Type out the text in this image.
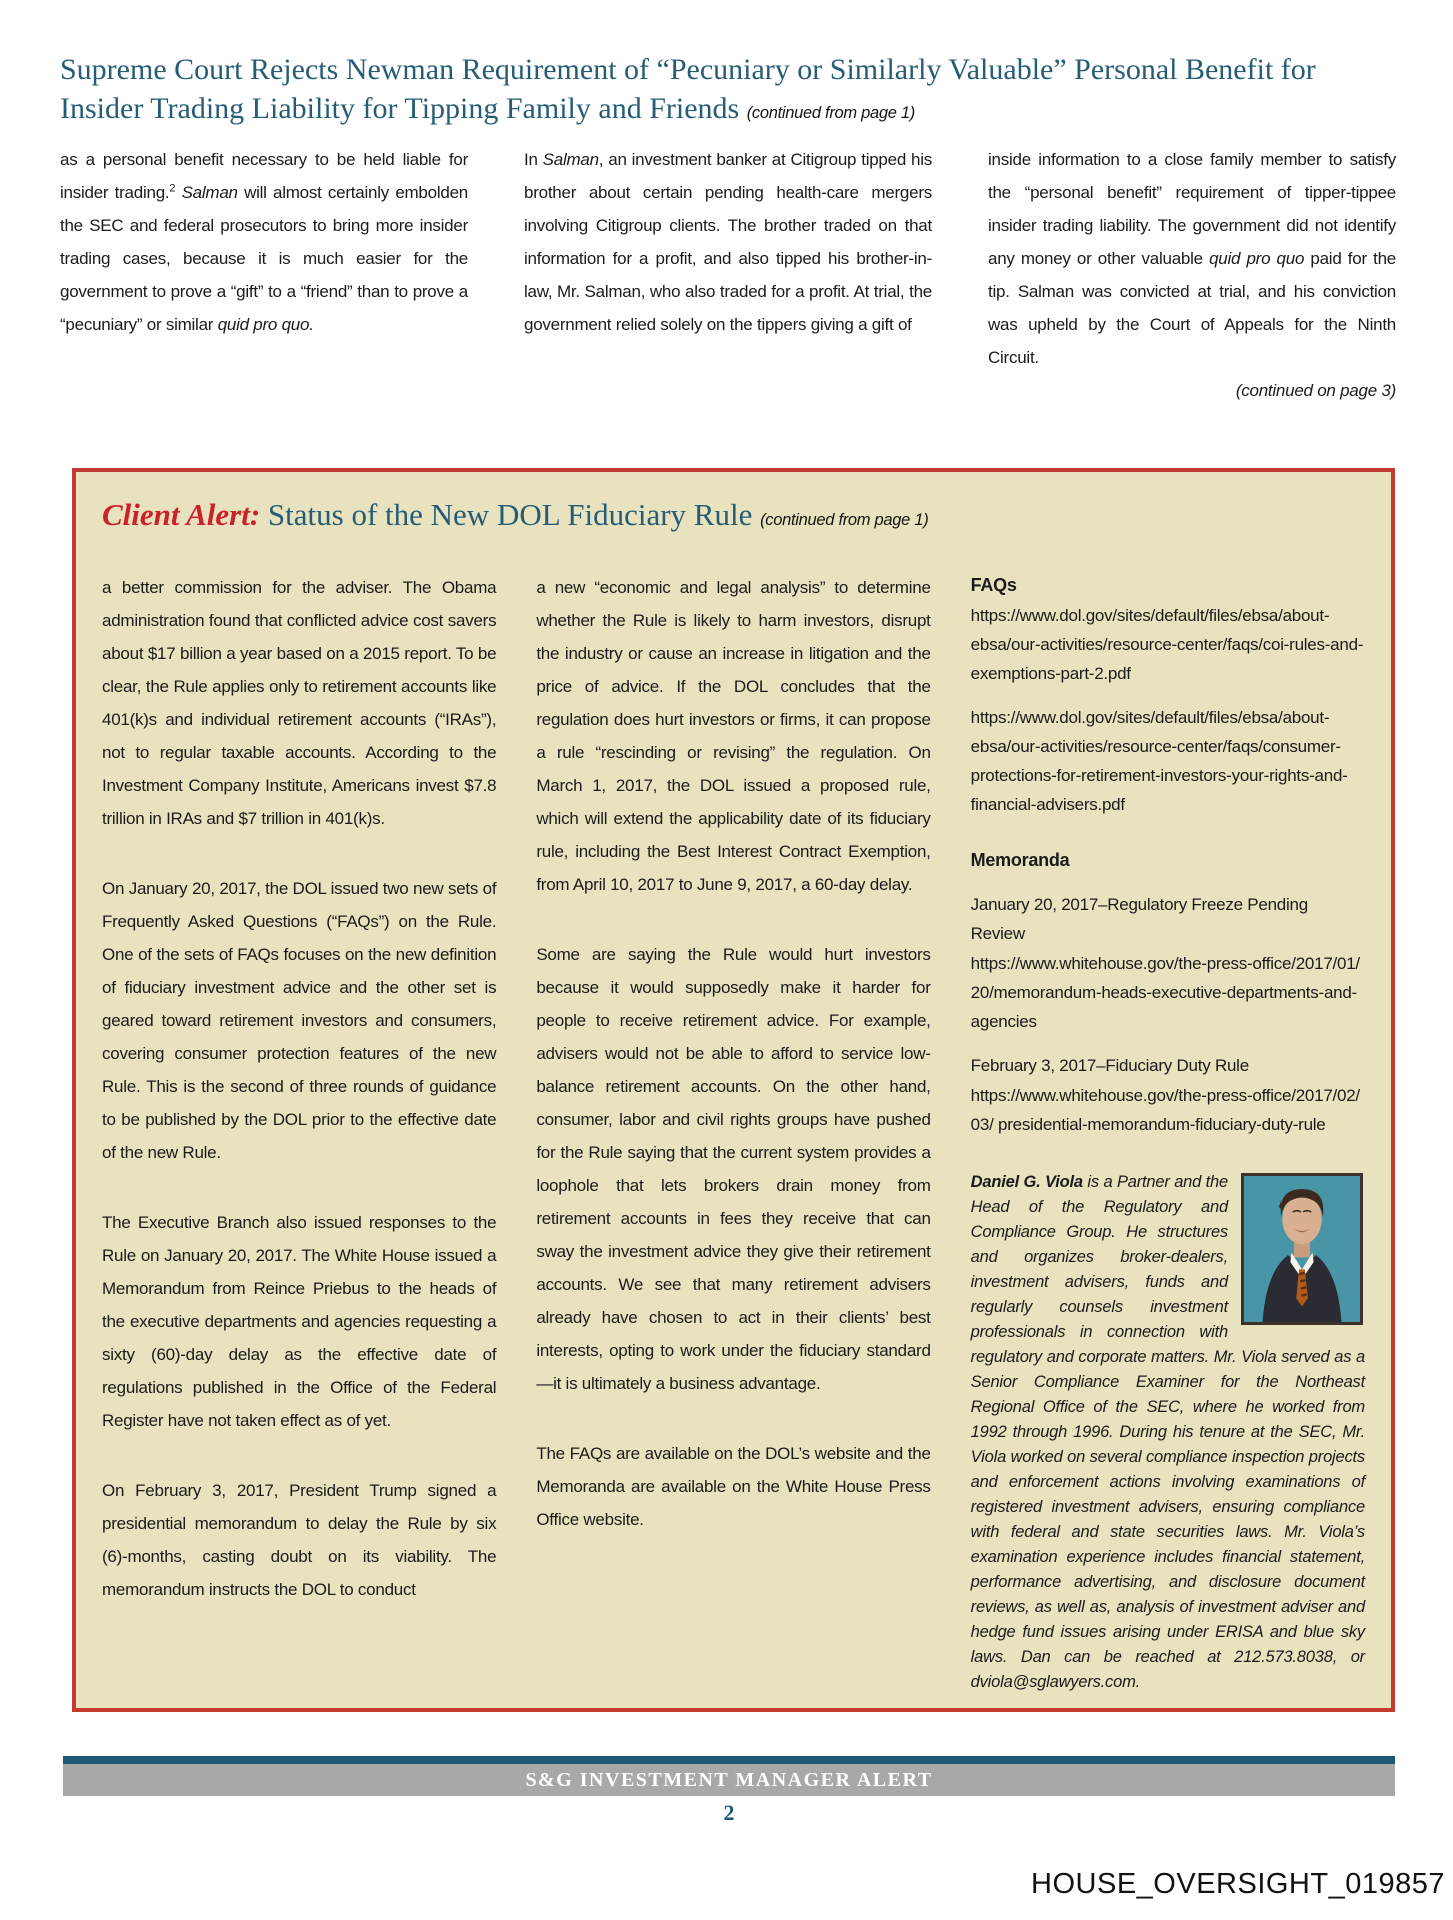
Supreme Court Rejects Newman Requirement of “Pecuniary or Similarly Valuable” Personal Benefit for Insider Trading Liability for Tipping Family and Friends (continued from page 1)
as a personal benefit necessary to be held liable for insider trading.$^2$ Salman will almost certainly embolden the SEC and federal prosecutors to bring more insider trading cases, because it is much easier for the government to prove a “gift” to a “friend” than to prove a “pecuniary” or similar quid pro quo.
In Salman, an investment banker at Citigroup tipped his brother about certain pending health-care mergers involving Citigroup clients. The brother traded on that information for a profit, and also tipped his brother-in-law, Mr. Salman, who also traded for a profit. At trial, the government relied solely on the tippers giving a gift of
inside information to a close family member to satisfy the “personal benefit” requirement of tipper-tippee insider trading liability. The government did not identify any money or other valuable quid pro quo paid for the tip. Salman was convicted at trial, and his conviction was upheld by the Court of Appeals for the Ninth Circuit.
(continued on page 3)
Client Alert: Status of the New DOL Fiduciary Rule (continued from page 1)

a better commission for the adviser. The Obama administration found that conflicted advice cost savers about $17 billion a year based on a 2015 report. To be clear, the Rule applies only to retirement accounts like 401(k)s and individual retirement accounts (“IRAs”), not to regular taxable accounts. According to the Investment Company Institute, Americans invest $7.8 trillion in IRAs and $7 trillion in 401(k)s.

On January 20, 2017, the DOL issued two new sets of Frequently Asked Questions (“FAQs”) on the Rule. One of the sets of FAQs focuses on the new definition of fiduciary investment advice and the other set is geared toward retirement investors and consumers, covering consumer protection features of the new Rule. This is the second of three rounds of guidance to be published by the DOL prior to the effective date of the new Rule.

The Executive Branch also issued responses to the Rule on January 20, 2017. The White House issued a Memorandum from Reince Priebus to the heads of the executive departments and agencies requesting a sixty (60)-day delay as the effective date of regulations published in the Office of the Federal Register have not taken effect as of yet.

On February 3, 2017, President Trump signed a presidential memorandum to delay the Rule by six (6)-months, casting doubt on its viability. The memorandum instructs the DOL to conduct

a new “economic and legal analysis” to determine whether the Rule is likely to harm investors, disrupt the industry or cause an increase in litigation and the price of advice. If the DOL concludes that the regulation does hurt investors or firms, it can propose a rule “rescinding or revising” the regulation. On March 1, 2017, the DOL issued a proposed rule, which will extend the applicability date of its fiduciary rule, including the Best Interest Contract Exemption, from April 10, 2017 to June 9, 2017, a 60-day delay.

Some are saying the Rule would hurt investors because it would supposedly make it harder for people to receive retirement advice. For example, advisers would not be able to afford to service low-balance retirement accounts. On the other hand, consumer, labor and civil rights groups have pushed for the Rule saying that the current system provides a loophole that lets brokers drain money from retirement accounts in fees they receive that can sway the investment advice they give their retirement accounts. We see that many retirement advisers already have chosen to act in their clients’ best interests, opting to work under the fiduciary standard—it is ultimately a business advantage.

The FAQs are available on the DOL’s website and the Memoranda are available on the White House Press Office website.

FAQs
https:/​/​www.dol.gov/​sites/​default/​files/​ebsa/​about-​ebsa/​our-​activities/​resource-​center/​faqs/​coi-​rules-​and-​exemptions-​part-​2.pdf
https:/​/​www.dol.gov/​sites/​default/​files/​ebsa/​about-​ebsa/​our-​activities/​resource-​center/​faqs/​consumer-​protections-​for-​retirement-​investors-​your-​rights-​and-​financial-​advisers.pdf
Memoranda
January 20, 2017–Regulatory Freeze Pending Review
https:/​/​www.whitehouse.gov/​the-​press-​office/​2017/​01/​20/​memorandum-​heads-​executive-​departments-​and-​agencies
February 3, 2017–Fiduciary Duty Rule
https:/​/​www.whitehouse.gov/​the-​press-​office/​2017/​02/​03/​ presidential-​memorandum-​fiduciary-​duty-​rule
Daniel G. Viola is a Partner and the Head of the Regulatory and Compliance Group. He structures and organizes broker-dealers, investment advisers, funds and regularly counsels investment professionals in connection with regulatory and corporate matters. Mr. Viola served as a Senior Compliance Examiner for the Northeast Regional Office of the SEC, where he worked from 1992 through 1996. During his tenure at the SEC, Mr. Viola worked on several compliance inspection projects and enforcement actions involving examinations of registered investment advisers, ensuring compliance with federal and state securities laws. Mr. Viola’s examination experience includes financial statement, performance advertising, and disclosure document reviews, as well as, analysis of investment adviser and hedge fund issues arising under ERISA and blue sky laws. Dan can be reached at 212.573.8038, or dviola@sglawyers.com.
S&G INVESTMENT MANAGER ALERT
2
HOUSE_OVERSIGHT_019857
